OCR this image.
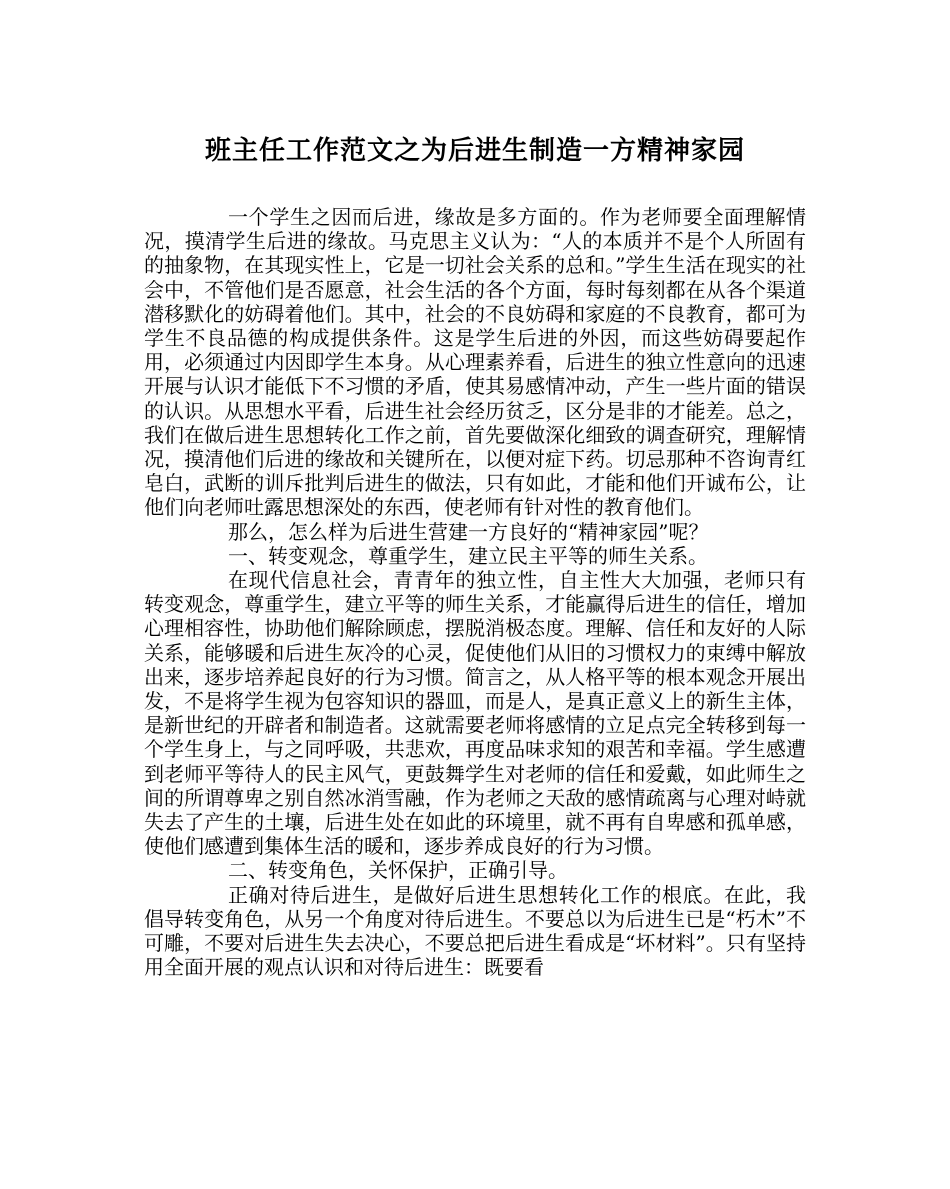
班主任工作范文之为后进生制造一方精神家园

一个学生之因而后进，缘故是多方面的。作为老师要全面理解情况，摸清学生后进的缘故。马克思主义认为：“人的本质并不是个人所固有的抽象物，在其现实性上，它是一切社会关系的总和。”学生生活在现实的社会中，不管他们是否愿意，社会生活的各个方面，每时每刻都在从各个渠道潜移默化的妨碍着他们。其中，社会的不良妨碍和家庭的不良教育，都可为学生不良品德的构成提供条件。这是学生后进的外因，而这些妨碍要起作用，必须通过内因即学生本身。从心理素养看，后进生的独立性意向的迅速开展与认识才能低下不习惯的矛盾，使其易感情冲动，产生一些片面的错误的认识。从思想水平看，后进生社会经历贫乏，区分是非的才能差。总之，我们在做后进生思想转化工作之前，首先要做深化细致的调查研究，理解情况，摸清他们后进的缘故和关键所在，以便对症下药。切忌那种不咨询青红皂白，武断的训斥批判后进生的做法，只有如此，才能和他们开诚布公，让他们向老师吐露思想深处的东西，使老师有针对性的教育他们。

那么，怎么样为后进生营建一方良好的“精神家园”呢？

一、转变观念，尊重学生，建立民主平等的师生关系。

在现代信息社会，青青年的独立性，自主性大大加强，老师只有转变观念，尊重学生，建立平等的师生关系，才能赢得后进生的信任，增加心理相容性，协助他们解除顾虑，摆脱消极态度。理解、信任和友好的人际关系，能够暖和后进生灰冷的心灵，促使他们从旧的习惯权力的束缚中解放出来，逐步培养起良好的行为习惯。简言之，从人格平等的根本观念开展出发，不是将学生视为包容知识的器皿，而是人，是真正意义上的新生主体，是新世纪的开辟者和制造者。这就需要老师将感情的立足点完全转移到每一个学生身上，与之同呼吸，共悲欢，再度品味求知的艰苦和幸福。学生感遭到老师平等待人的民主风气，更鼓舞学生对老师的信任和爱戴，如此师生之间的所谓尊卑之别自然冰消雪融，作为老师之天敌的感情疏离与心理对峙就失去了产生的土壤，后进生处在如此的环境里，就不再有自卑感和孤单感，使他们感遭到集体生活的暖和，逐步养成良好的行为习惯。

二、转变角色，关怀保护，正确引导。

正确对待后进生，是做好后进生思想转化工作的根底。在此，我倡导转变角色，从另一个角度对待后进生。不要总以为后进生已是“朽木”不可雕，不要对后进生失去决心，不要总把后进生看成是“坏材料”。只有坚持用全面开展的观点认识和对待后进生：既要看
